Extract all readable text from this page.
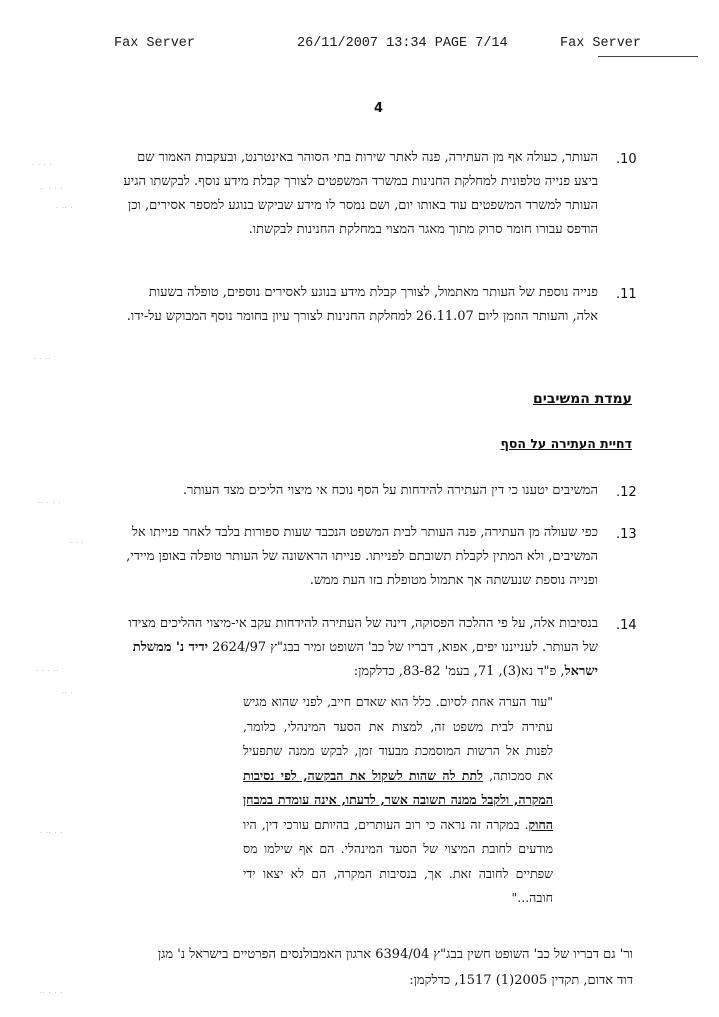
Fax Server	26/11/2007 13:34 PAGE 7/14	Fax Server
4
· · · ·
·· · · ·
· ·· ·
· · ··
·· · · ·
· · ·
· · · ··
·· ·
· ·· · ·
·· · · ·
.10

העותר, כעולה אף מן העתירה, פנה לאתר שירות בתי הסוהר באינטרנט, ובעקבות האמור שם ביצע פנייה טלפונית למחלקת החנינות במשרד המשפטים לצורך קבלת מידע נוסף. לבקשתו הגיע העותר למשרד המשפטים עוד באותו יום, ושם נמסר לו מידע שביקש בנוגע למספר אסירים, וכן הודפס עבורו חומר סרוק מתוך מאגר המצוי במחלקת החנינות לבקשתו.

.11

פנייה נוספת של העותר מאתמול, לצורך קבלת מידע בנוגע לאסירים נוספים, טופלה בשעות אלה, והעותר הוזמן ליום 26.11.07 למחלקת החנינות לצורך עיון בחומר נוסף המבוקש על-ידו.

עמדת המשיבים
דחיית העתירה על הסף
.12

המשיבים יטענו כי דין העתירה להידחות על הסף נוכח אי מיצוי הליכים מצד העותר.

.13

כפי שעולה מן העתירה, פנה העותר לבית המשפט הנכבד שעות ספורות בלבד לאחר פנייתו אל המשיבים, ולא המתין לקבלת תשובתם לפנייתו. פנייתו הראשונה של העותר טופלה באופן מיידי, ופנייה נוספת שנעשתה אך אתמול מטופלת בזו העת ממש.

.14

בנסיבות אלה, על פי ההלכה הפסוקה, דינה של העתירה להידחות עקב אי-מיצוי ההליכים מצידו של העותר. לענייננו יפים, אפוא, דבריו של כב' השופט זמיר בבג"ץ 2624/97 ידיד נ' ממשלת ישראל, פ"ד נא(3), 71, בעמ' 83-82, כדלקמן:

"עוד הערה אחת לסיום. כלל הוא שאדם חייב, לפני שהוא מגיש עתירה לבית משפט זה, למצות את הסעד המינהלי, כלומר, לפנות אל הרשות המוסמכת מבעוד זמן, לבקש ממנה שתפעיל את סמכותה, לתת לה שהות לשקול את הבקשה, לפי נסיבות המקרה, ולקבל ממנה תשובה אשר, לדעתו, אינה עומדת במבחן החוק. במקרה זה נראה כי רוב העותרים, בהיותם עורכי דין, היו מודעים לחובת המיצוי של הסעד המינהלי. הם אף שילמו מס שפתיים לחובה זאת. אך, בנסיבות המקרה, הם לא יצאו ידי חובה..."

ור' גם דבריו של כב' השופט חשין בבג"ץ 6394/04 ארגון האמבולנסים הפרטיים בישראל נ' מגן דוד אדום, תקדין 2005(1) 1517, כדלקמן:
